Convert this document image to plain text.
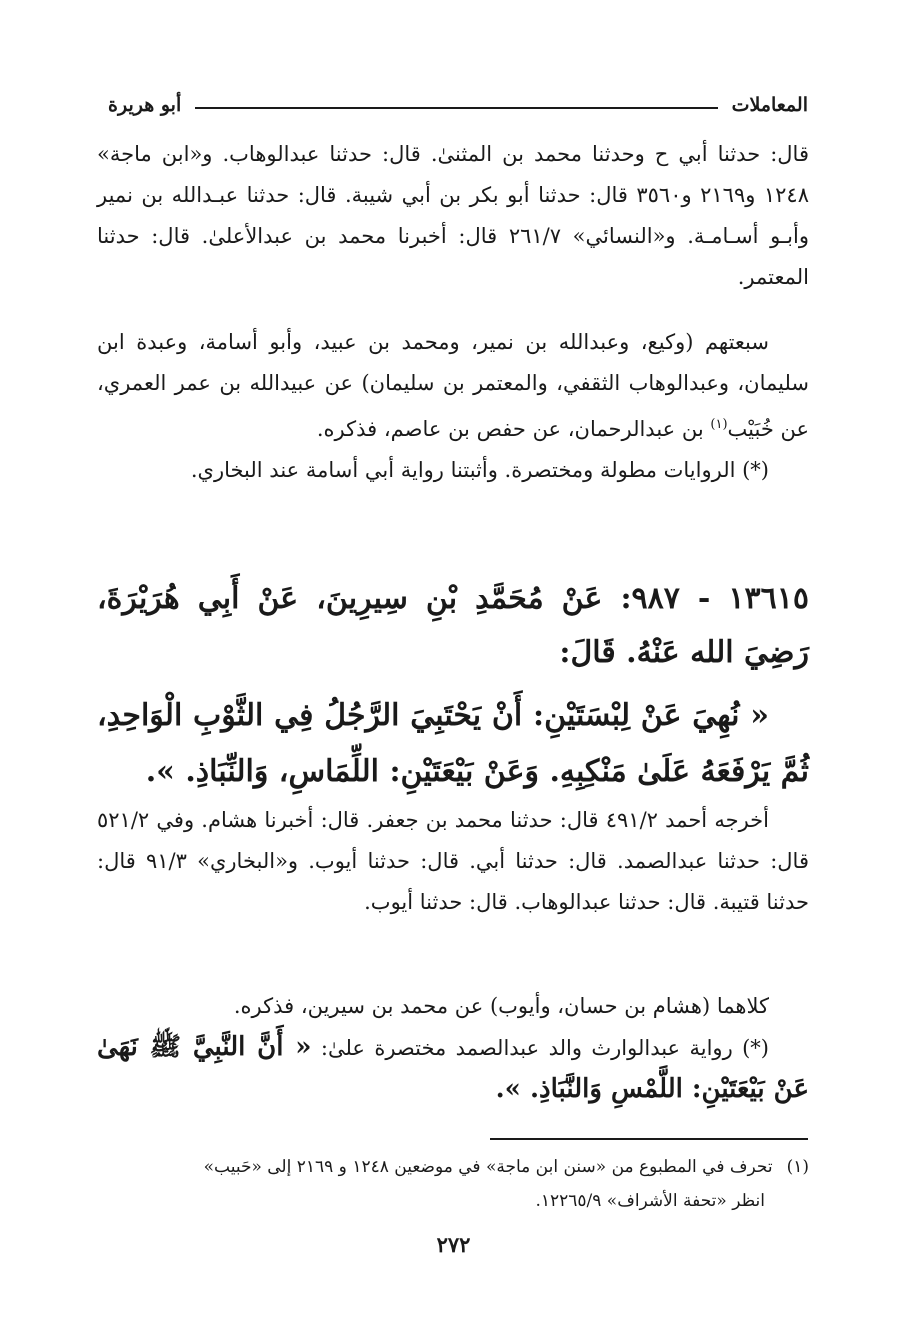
المعاملات
أبو هريرة

قال: حدثنا أبي ح وحدثنا محمد بن المثنىٰ. قال: حدثنا عبدالوهاب. و«ابن ماجة» ١٢٤٨ و٢١٦٩ و٣٥٦٠ قال: حدثنا أبو بكر بن أبي شيبة. قال: حدثنا عبـدالله بن نمير وأبـو أسـامـة. و«النسائي» ٢٦١/٧ قال: أخبرنا محمد بن عبدالأعلىٰ. قال: حدثنا المعتمر.

سبعتهم (وكيع، وعبدالله بن نمير، ومحمد بن عبيد، وأبو أسامة، وعبدة ابن سليمان، وعبدالوهاب الثقفي، والمعتمر بن سليمان) عن عبيدالله بن عمر العمري، عن خُبَيْب$^{(١)}$ بن عبدالرحمان، عن حفص بن عاصم، فذكره.

(*) الروايات مطولة ومختصرة. وأثبتنا رواية أبي أسامة عند البخاري.

١٣٦١٥ - ٩٨٧: عَنْ مُحَمَّدِ بْنِ سِيرِينَ، عَنْ أَبِي هُرَيْرَةَ، رَضِيَ الله عَنْهُ. قَالَ:
« نُهِيَ عَنْ لِبْسَتَيْنِ: أَنْ يَحْتَبِيَ الرَّجُلُ فِي الثَّوْبِ الْوَاحِدِ، ثُمَّ يَرْفَعَهُ عَلَىٰ مَنْكِبِهِ. وَعَنْ بَيْعَتَيْنِ: اللِّمَاسِ، وَالنِّبَاذِ. ».

أخرجه أحمد ٤٩١/٢ قال: حدثنا محمد بن جعفر. قال: أخبرنا هشام. وفي ٥٢١/٢ قال: حدثنا عبدالصمد. قال: حدثنا أبي. قال: حدثنا أيوب. و«البخاري» ٩١/٣ قال: حدثنا قتيبة. قال: حدثنا عبدالوهاب. قال: حدثنا أيوب.

كلاهما (هشام بن حسان، وأيوب) عن محمد بن سيرين، فذكره.

(*) رواية عبدالوارث والد عبدالصمد مختصرة علىٰ: « أَنَّ النَّبِيَّ ﷺ نَهَىٰ عَنْ بَيْعَتَيْنِ: اللَّمْسِ وَالنَّبَاذِ. ».

(١)تحرف في المطبوع من «سنن ابن ماجة» في موضعين ١٢٤٨ و ٢١٦٩ إلى «حَبيب»

انظر «تحفة الأشراف» ١٢٢٦٥/٩.

٢٧٢
